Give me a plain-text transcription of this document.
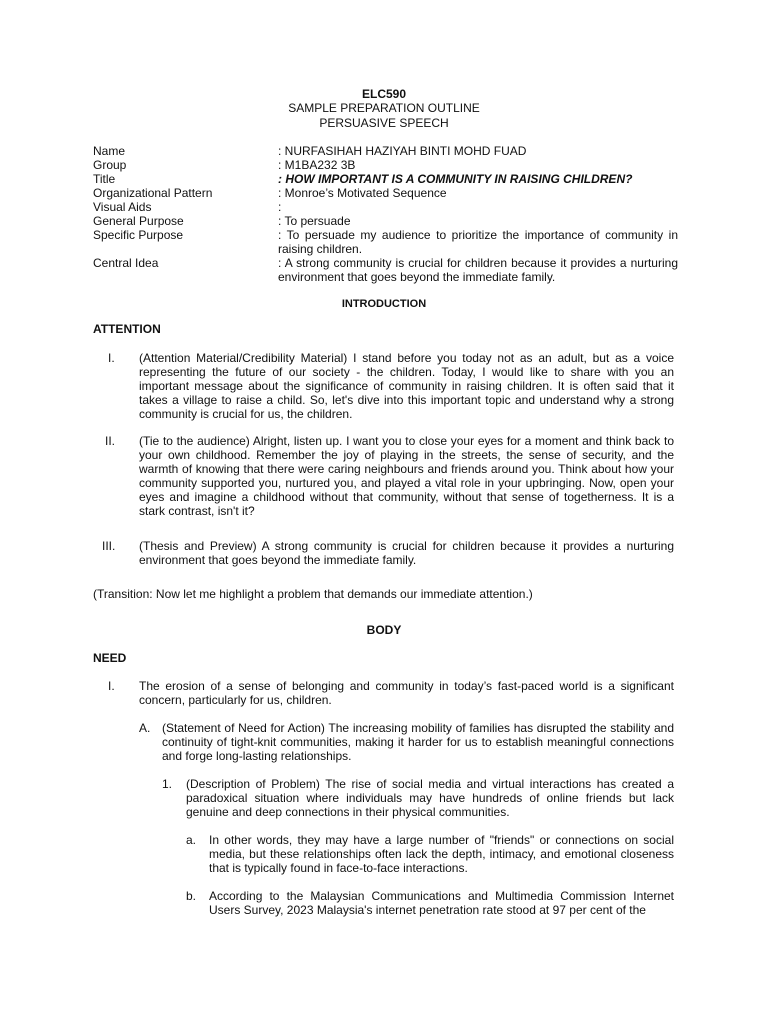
ELC590
SAMPLE PREPARATION OUTLINE
PERSUASIVE SPEECH
Name	: NURFASIHAH HAZIYAH BINTI MOHD FUAD
Group	: M1BA232 3B
Title	: HOW IMPORTANT IS A COMMUNITY IN RAISING CHILDREN?
Organizational Pattern	: Monroe’s Motivated Sequence
Visual Aids	:
General Purpose	: To persuade
Specific Purpose	: To persuade my audience to prioritize the importance of community in raising children.
Central Idea	: A strong community is crucial for children because it provides a nurturing environment that goes beyond the immediate family.
INTRODUCTION
ATTENTION
I. (Attention Material/Credibility Material) I stand before you today not as an adult, but as a voice representing the future of our society - the children. Today, I would like to share with you an important message about the significance of community in raising children. It is often said that it takes a village to raise a child. So, let's dive into this important topic and understand why a strong community is crucial for us, the children.
II. (Tie to the audience) Alright, listen up. I want you to close your eyes for a moment and think back to your own childhood. Remember the joy of playing in the streets, the sense of security, and the warmth of knowing that there were caring neighbours and friends around you. Think about how your community supported you, nurtured you, and played a vital role in your upbringing. Now, open your eyes and imagine a childhood without that community, without that sense of togetherness. It is a stark contrast, isn't it?
III. (Thesis and Preview) A strong community is crucial for children because it provides a nurturing environment that goes beyond the immediate family.
(Transition: Now let me highlight a problem that demands our immediate attention.)
BODY
NEED
I. The erosion of a sense of belonging and community in today’s fast-paced world is a significant concern, particularly for us, children.
A. (Statement of Need for Action) The increasing mobility of families has disrupted the stability and continuity of tight-knit communities, making it harder for us to establish meaningful connections and forge long-lasting relationships.
1. (Description of Problem) The rise of social media and virtual interactions has created a paradoxical situation where individuals may have hundreds of online friends but lack genuine and deep connections in their physical communities.
a. In other words, they may have a large number of "friends" or connections on social media, but these relationships often lack the depth, intimacy, and emotional closeness that is typically found in face-to-face interactions.
b. According to the Malaysian Communications and Multimedia Commission Internet Users Survey, 2023 Malaysia's internet penetration rate stood at 97 per cent of the
